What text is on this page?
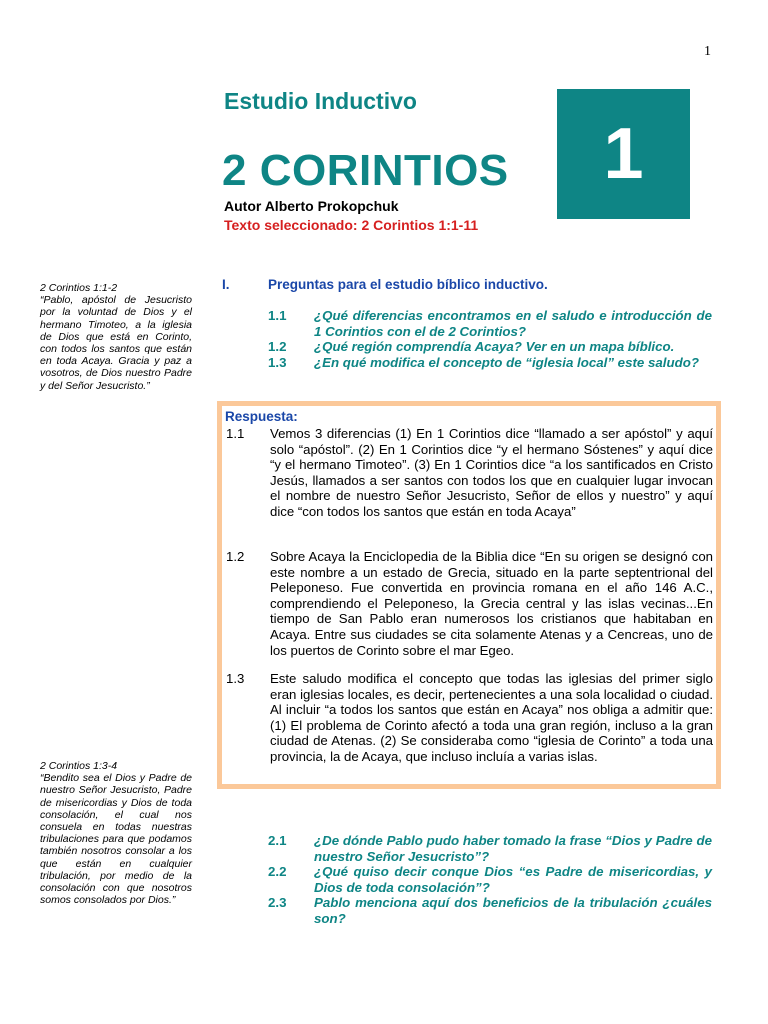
1
Estudio Inductivo
2 CORINTIOS
Autor Alberto Prokopchuk
Texto seleccionado: 2 Corintios 1:1-11
1
2 Corintios 1:1-2
“Pablo, apóstol de Jesucristo por la voluntad de Dios y el hermano Timoteo, a la iglesia de Dios que está en Corinto, con todos los santos que están en toda Acaya. Gracia y paz a vosotros, de Dios nuestro Padre y del Señor Jesucristo.”
2 Corintios 1:3-4
“Bendito sea el Dios y Padre de nuestro Señor Jesucristo, Padre de misericordias y Dios de toda consolación, el cual nos consuela en todas nuestras tribulaciones para que podamos también nosotros consolar a los que están en cualquier tribulación, por medio de la consolación con que nosotros somos consolados por Dios.”
I.	Preguntas para el estudio bíblico inductivo.
1.1	¿Qué diferencias encontramos en el saludo e introducción de 1 Corintios con el de 2 Corintios?
1.2	¿Qué región comprendía Acaya? Ver en un mapa bíblico.
1.3	¿En qué modifica el concepto de “iglesia local” este saludo?
Respuesta:
1.1 Vemos 3 diferencias (1) En 1 Corintios dice “llamado a ser apóstol” y aquí solo “apóstol”. (2) En 1 Corintios dice “y el hermano Sóstenes” y aquí dice “y el hermano Timoteo”. (3) En 1 Corintios dice “a los santificados en Cristo Jesús, llamados a ser santos con todos los que en cualquier lugar invocan el nombre de nuestro Señor Jesucristo, Señor de ellos y nuestro” y aquí dice “con todos los santos que están en toda Acaya”
1.2 Sobre Acaya la Enciclopedia de la Biblia dice “En su origen se designó con este nombre a un estado de Grecia, situado en la parte septentrional del Peleponeso. Fue convertida en provincia romana en el año 146 A.C., comprendiendo el Peleponeso, la Grecia central y las islas vecinas...En tiempo de San Pablo eran numerosos los cristianos que habitaban en Acaya. Entre sus ciudades se cita solamente Atenas y a Cencreas, uno de los puertos de Corinto sobre el mar Egeo.
1.3 Este saludo modifica el concepto que todas las iglesias del primer siglo eran iglesias locales, es decir, pertenecientes a una sola localidad o ciudad. Al incluir “a todos los santos que están en Acaya” nos obliga a admitir que: (1) El problema de Corinto afectó a toda una gran región, incluso a la gran ciudad de Atenas. (2) Se consideraba como “iglesia de Corinto” a toda una provincia, la de Acaya, que incluso incluía a varias islas.
2.1	¿De dónde Pablo pudo haber tomado la frase “Dios y Padre de nuestro Señor Jesucristo”?
2.2	¿Qué quiso decir conque Dios “es Padre de misericordias, y Dios de toda consolación”?
2.3	Pablo menciona aquí dos beneficios de la tribulación ¿cuáles son?
